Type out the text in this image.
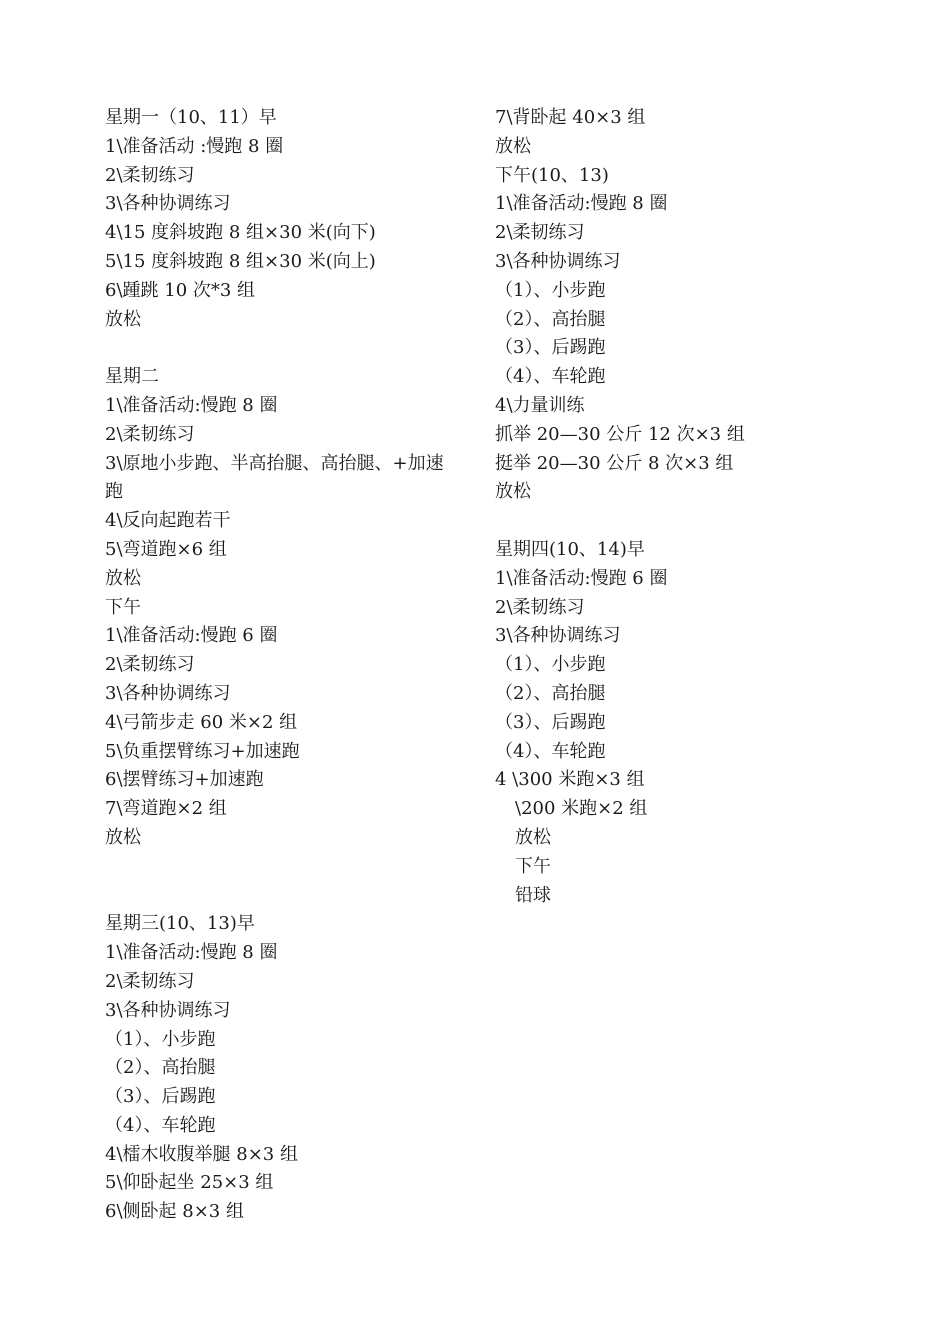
星期一（10、11）早
1\准备活动 :慢跑 8 圈
2\柔韧练习
3\各种协调练习
4\15 度斜坡跑 8 组×30 米(向下)
5\15 度斜坡跑 8 组×30 米(向上)
6\踵跳 10 次*3 组
放松
星期二
1\准备活动:慢跑 8 圈
2\柔韧练习
3\原地小步跑、半高抬腿、高抬腿、+加速
跑
4\反向起跑若干
5\弯道跑×6 组
放松
下午
1\准备活动:慢跑 6 圈
2\柔韧练习
3\各种协调练习
4\弓箭步走 60 米×2 组
5\负重摆臂练习+加速跑
6\摆臂练习+加速跑
7\弯道跑×2 组
放松
星期三(10、13)早
1\准备活动:慢跑 8 圈
2\柔韧练习
3\各种协调练习
（1）、小步跑
（2）、高抬腿
（3）、后踢跑
（4）、车轮跑
4\檑木收腹举腿 8×3 组
5\仰卧起坐 25×3 组
6\侧卧起 8×3 组
7\背卧起 40×3 组
放松
下午(10、13)
1\准备活动:慢跑 8 圈
2\柔韧练习
3\各种协调练习
（1）、小步跑
（2）、高抬腿
（3）、后踢跑
（4）、车轮跑
4\力量训练
抓举 20—30 公斤 12 次×3 组
挺举 20—30 公斤 8 次×3 组
放松
星期四(10、14)早
1\准备活动:慢跑 6 圈
2\柔韧练习
3\各种协调练习
（1）、小步跑
（2）、高抬腿
（3）、后踢跑
（4）、车轮跑
4 \300 米跑×3 组
\200 米跑×2 组
放松
下午
铅球
